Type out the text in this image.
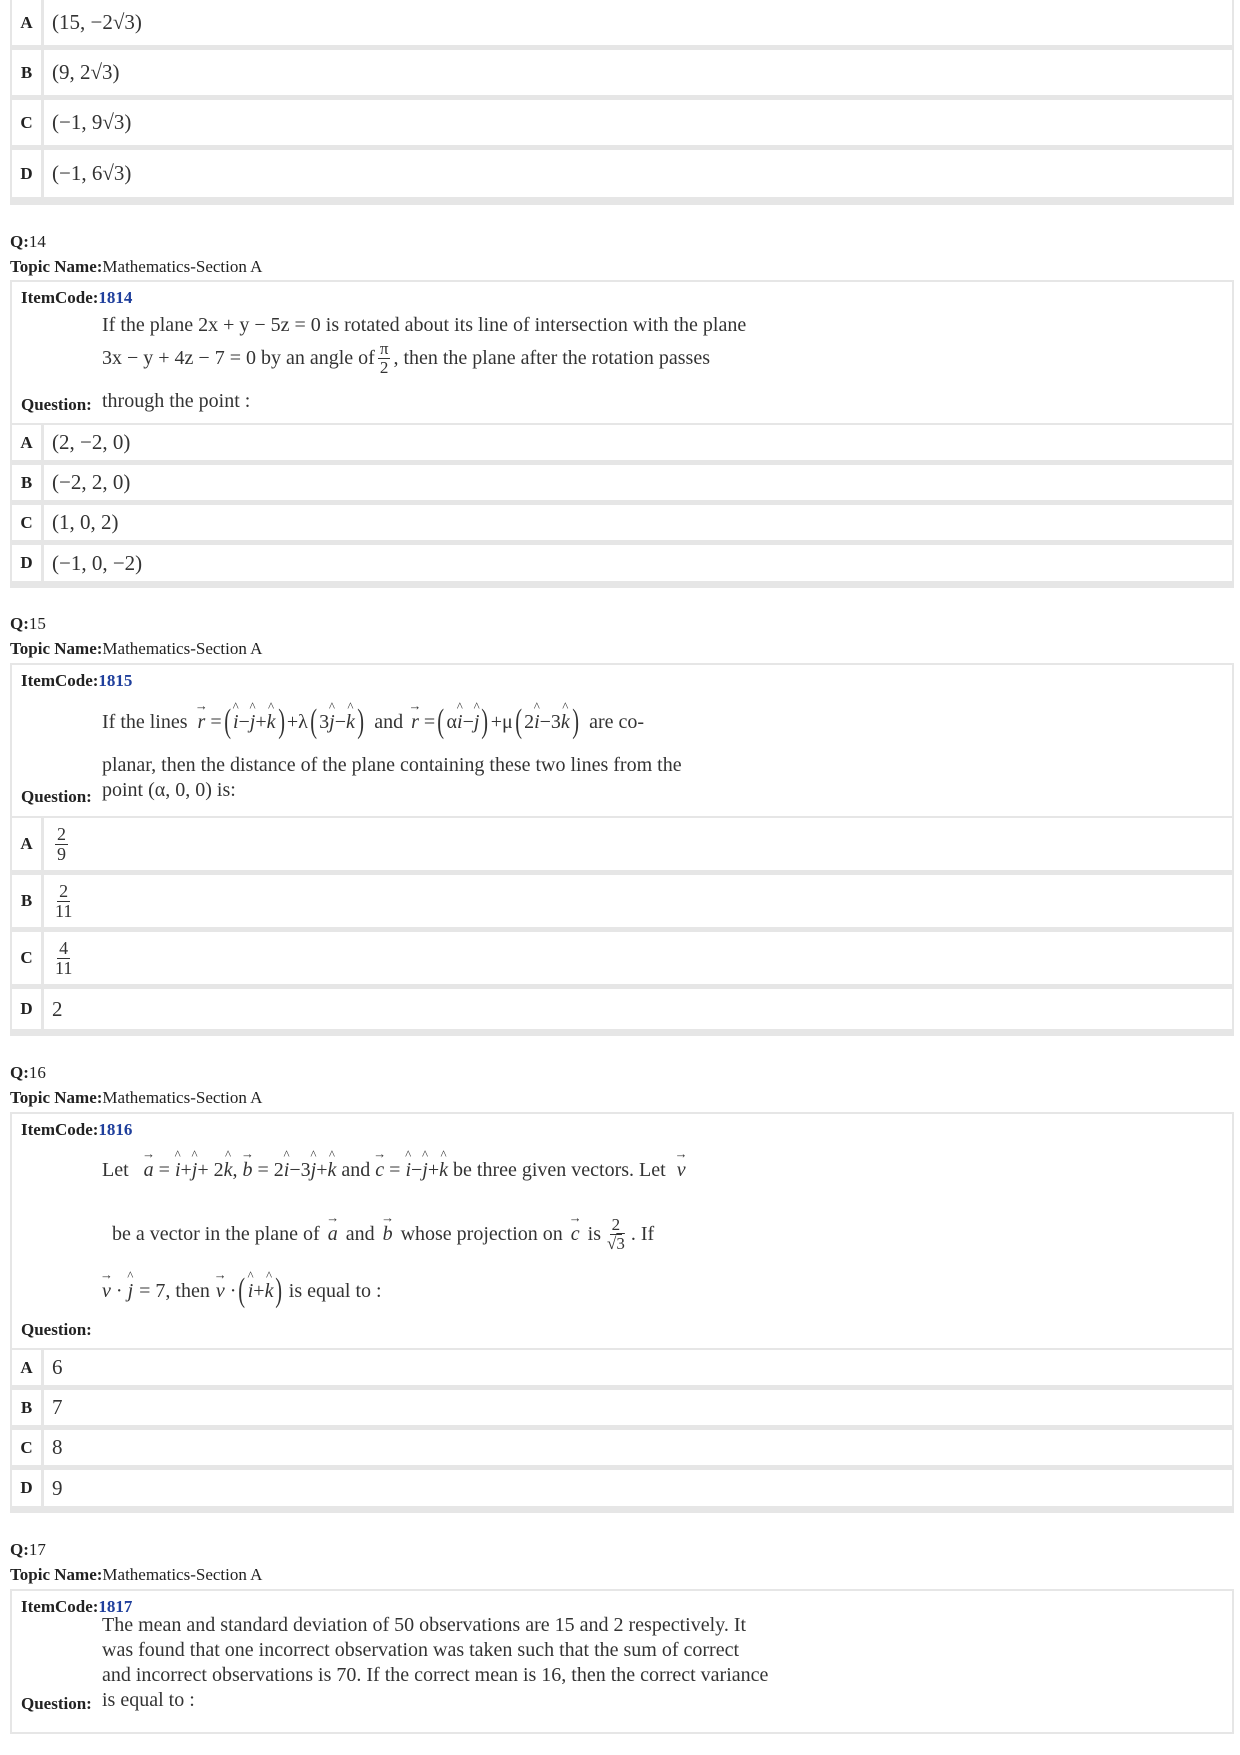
A (15, −2√3)
B (9, 2√3)
C (−1, 9√3)
D (−1, 6√3)
Q:14
Topic Name:Mathematics-Section A
ItemCode:1814
If the plane 2x + y − 5z = 0 is rotated about its line of intersection with the plane
3x − y + 4z − 7 = 0 by an angle of $\frac{\pi}{2}$ , then the plane after the rotation passes
through the point :
Question:
A (2, −2, 0)
B (−2, 2, 0)
C (1, 0, 2)
D (−1, 0, −2)
Q:15
Topic Name:Mathematics-Section A
ItemCode:1815
If the lines → r = ( ^ i−^ j+^ k ) +λ ( 3^ j−^ k ) and → r = ( α^ i−^ j ) +μ ( 2^ i−3^ k ) are co-
planar, then the distance of the plane containing these two lines from the
point (α, 0, 0) is:
Question:
A	$\frac{2}{9}$
B	$\frac{2}{11}$
C	$\frac{4}{11}$
D 2
Q:16
Topic Name:Mathematics-Section A
ItemCode:1816
Let → a = ^ i+^ j+ 2^ k, → b = 2^ i−3^ j+^ k and → c = ^ i−^ j+^ k be three given vectors. Let → v
be a vector in the plane of → a and → b whose projection on → c is $\frac{2}{√3}$ . If
→ v · ^ j = 7, then → v · ( ^ i+^ k ) is equal to :
Question:
A 6
B 7
C 8
D 9
Q:17
Topic Name:Mathematics-Section A
ItemCode:1817
The mean and standard deviation of 50 observations are 15 and 2 respectively. It
was found that one incorrect observation was taken such that the sum of correct
and incorrect observations is 70. If the correct mean is 16, then the correct variance
is equal to :
Question:
